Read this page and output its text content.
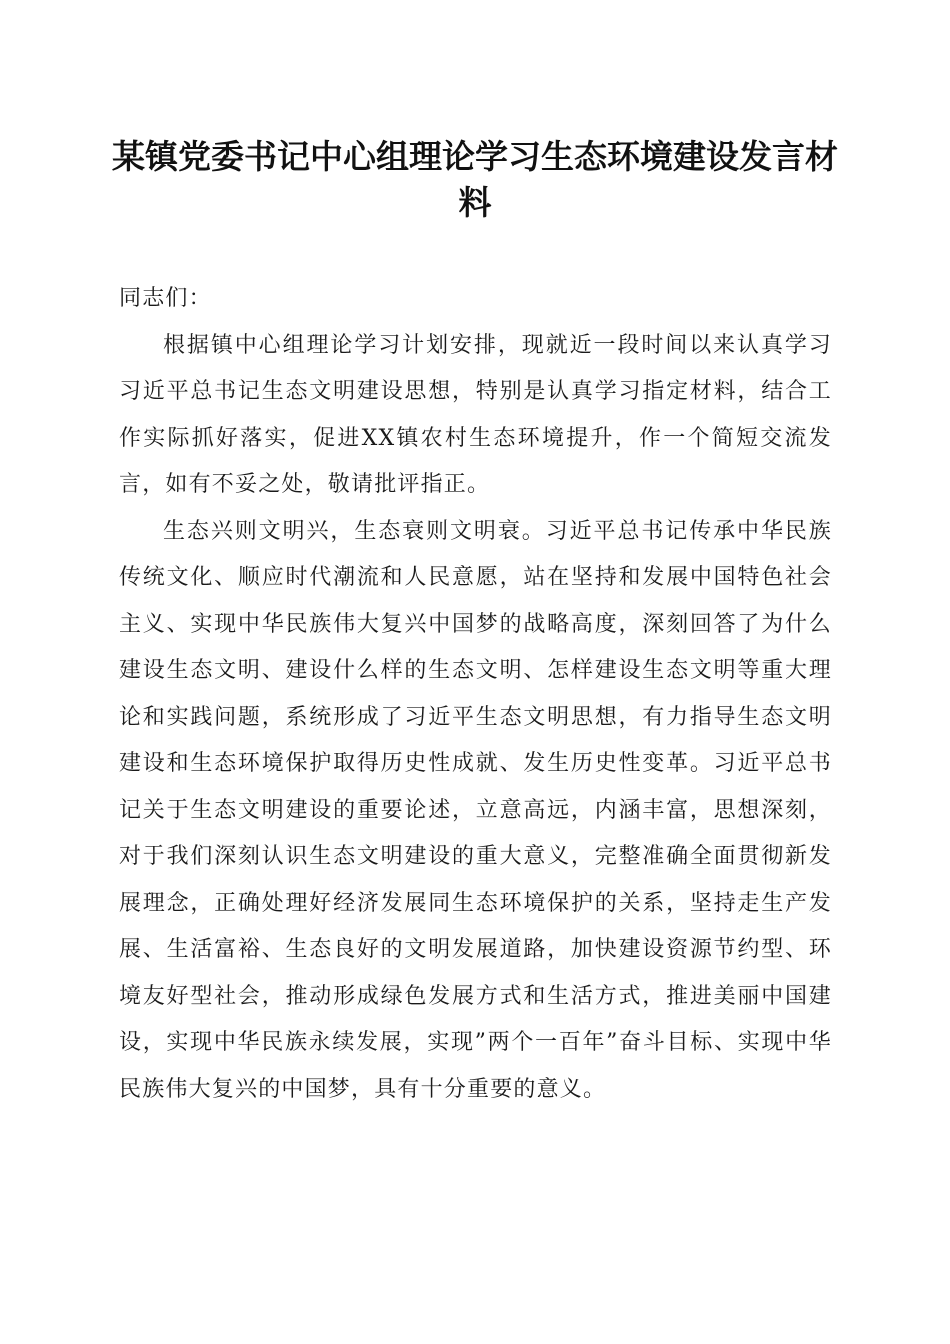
某镇党委书记中心组理论学习生态环境建设发言材料

同志们：

根据镇中心组理论学习计划安排，现就近一段时间以来认真学习习近平总书记生态文明建设思想，特别是认真学习指定材料，结合工作实际抓好落实，促进XX镇农村生态环境提升，作一个简短交流发言，如有不妥之处，敬请批评指正。

生态兴则文明兴，生态衰则文明衰。习近平总书记传承中华民族传统文化、顺应时代潮流和人民意愿，站在坚持和发展中国特色社会主义、实现中华民族伟大复兴中国梦的战略高度，深刻回答了为什么建设生态文明、建设什么样的生态文明、怎样建设生态文明等重大理论和实践问题，系统形成了习近平生态文明思想，有力指导生态文明建设和生态环境保护取得历史性成就、发生历史性变革。习近平总书记关于生态文明建设的重要论述，立意高远，内涵丰富，思想深刻，对于我们深刻认识生态文明建设的重大意义，完整准确全面贯彻新发展理念，正确处理好经济发展同生态环境保护的关系，坚持走生产发展、生活富裕、生态良好的文明发展道路，加快建设资源节约型、环境友好型社会，推动形成绿色发展方式和生活方式，推进美丽中国建设，实现中华民族永续发展，实现”两个一百年”奋斗目标、实现中华民族伟大复兴的中国梦，具有十分重要的意义。
